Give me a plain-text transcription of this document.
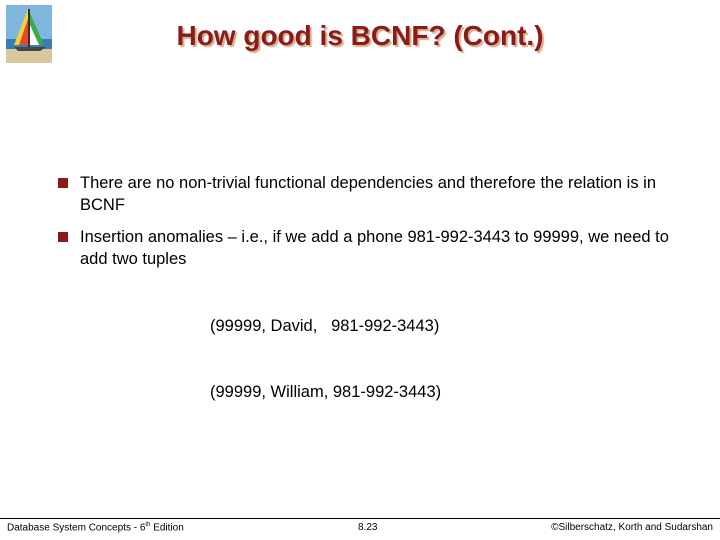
How good is BCNF? (Cont.)
There are no non-trivial functional dependencies and therefore the relation is in BCNF
Insertion anomalies – i.e., if we add a phone 981-992-3443 to 99999, we need to add two tuples

(99999, David,   981-992-3443)

(99999, William, 981-992-3443)

Database System Concepts - 6th Edition	8.23	©Silberschatz, Korth and Sudarshan
